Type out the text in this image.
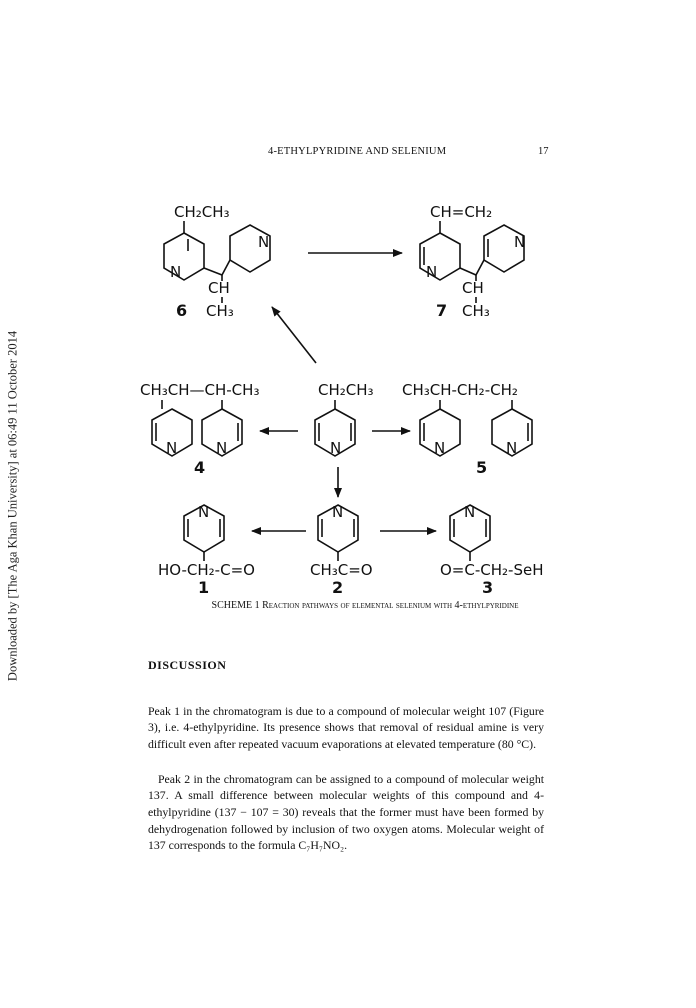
Downloaded by [The Aga Khan University] at 06:49 11 October 2014
4-ETHYLPYRIDINE AND SELENIUM	17
CH₂CH₃
N
N
CH
CH₃
6
CH=CH₂
N
N
CH
CH₃
7
CH₃CH—CH-CH₃
N	N
4
CH₂CH₃
N
CH₃CH-CH₂-CH₂
N	N
5
N
HO-CH₂-C=O
1
N
CH₃C=O
2
N
O=C-CH₂-SeH
3
SCHEME 1 Reaction pathways of elemental selenium with 4-ethylpyridine
DISCUSSION

Peak 1 in the chromatogram is due to a compound of molecular weight 107 (Figure 3), i.e. 4-ethylpyridine. Its presence shows that removal of residual amine is very difficult even after repeated vacuum evaporations at elevated temperature (80 °C).

Peak 2 in the chromatogram can be assigned to a compound of molecular weight 137. A small difference between molecular weights of this compound and 4-ethylpyridine (137 − 107 = 30) reveals that the former must have been formed by dehydrogenation followed by inclusion of two oxygen atoms. Molecular weight of 137 corresponds to the formula C₇H₇NO₂.
